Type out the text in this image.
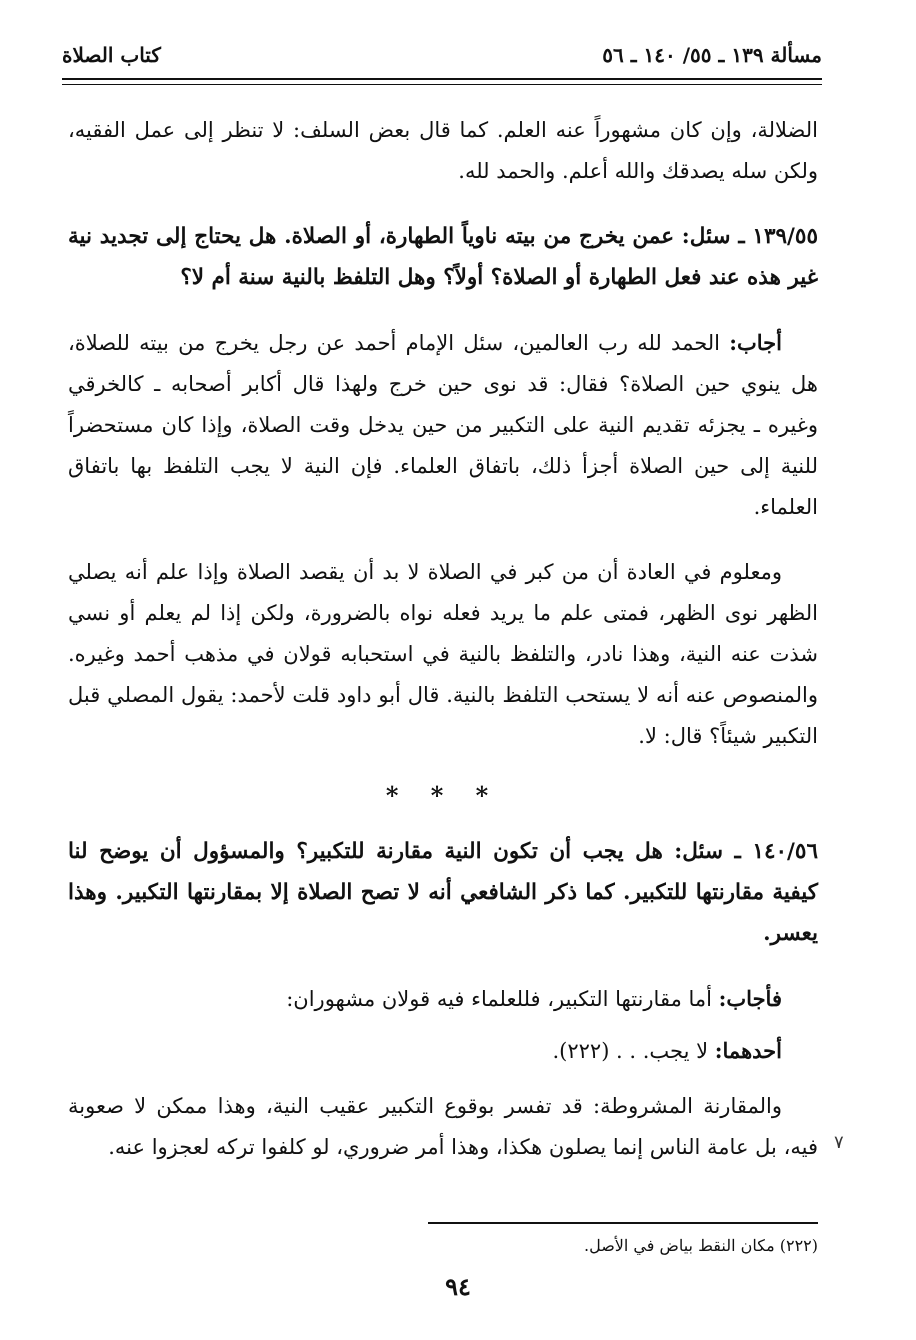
مسألة ١٣٩ ـ ٥٥/ ١٤٠ ـ ٥٦
كتاب الصلاة

الضلالة، وإن كان مشهوراً عنه العلم. كما قال بعض السلف: لا تنظر إلى عمل الفقيه، ولكن سله يصدقك والله أعلم. والحمد لله.

١٣٩/٥٥ ـ سئل: عمن يخرج من بيته ناوياً الطهارة، أو الصلاة. هل يحتاج إلى تجديد نية غير هذه عند فعل الطهارة أو الصلاة؟ أولاً؟ وهل التلفظ بالنية سنة أم لا؟

أجاب: الحمد لله رب العالمين، سئل الإمام أحمد عن رجل يخرج من بيته للصلاة، هل ينوي حين الصلاة؟ فقال: قد نوى حين خرج ولهذا قال أكابر أصحابه ـ كالخرقي وغيره ـ يجزئه تقديم النية على التكبير من حين يدخل وقت الصلاة، وإذا كان مستحضراً للنية إلى حين الصلاة أجزأ ذلك، باتفاق العلماء. فإن النية لا يجب التلفظ بها باتفاق العلماء.

ومعلوم في العادة أن من كبر في الصلاة لا بد أن يقصد الصلاة وإذا علم أنه يصلي الظهر نوى الظهر، فمتى علم ما يريد فعله نواه بالضرورة، ولكن إذا لم يعلم أو نسي شذت عنه النية، وهذا نادر، والتلفظ بالنية في استحبابه قولان في مذهب أحمد وغيره. والمنصوص عنه أنه لا يستحب التلفظ بالنية. قال أبو داود قلت لأحمد: يقول المصلي قبل التكبير شيئاً؟ قال: لا.

* * *

١٤٠/٥٦ ـ سئل: هل يجب أن تكون النية مقارنة للتكبير؟ والمسؤول أن يوضح لنا كيفية مقارنتها للتكبير. كما ذكر الشافعي أنه لا تصح الصلاة إلا بمقارنتها التكبير. وهذا يعسر.

فأجاب: أما مقارنتها التكبير، فللعلماء فيه قولان مشهوران:

أحدهما: لا يجب. . . (٢٢٢).

والمقارنة المشروطة: قد تفسر بوقوع التكبير عقيب النية، وهذا ممكن لا صعوبة فيه، بل عامة الناس إنما يصلون هكذا، وهذا أمر ضروري، لو كلفوا تركه لعجزوا عنه. ٧
(٢٢٢) مكان النقط بياض في الأصل.
٩٤
